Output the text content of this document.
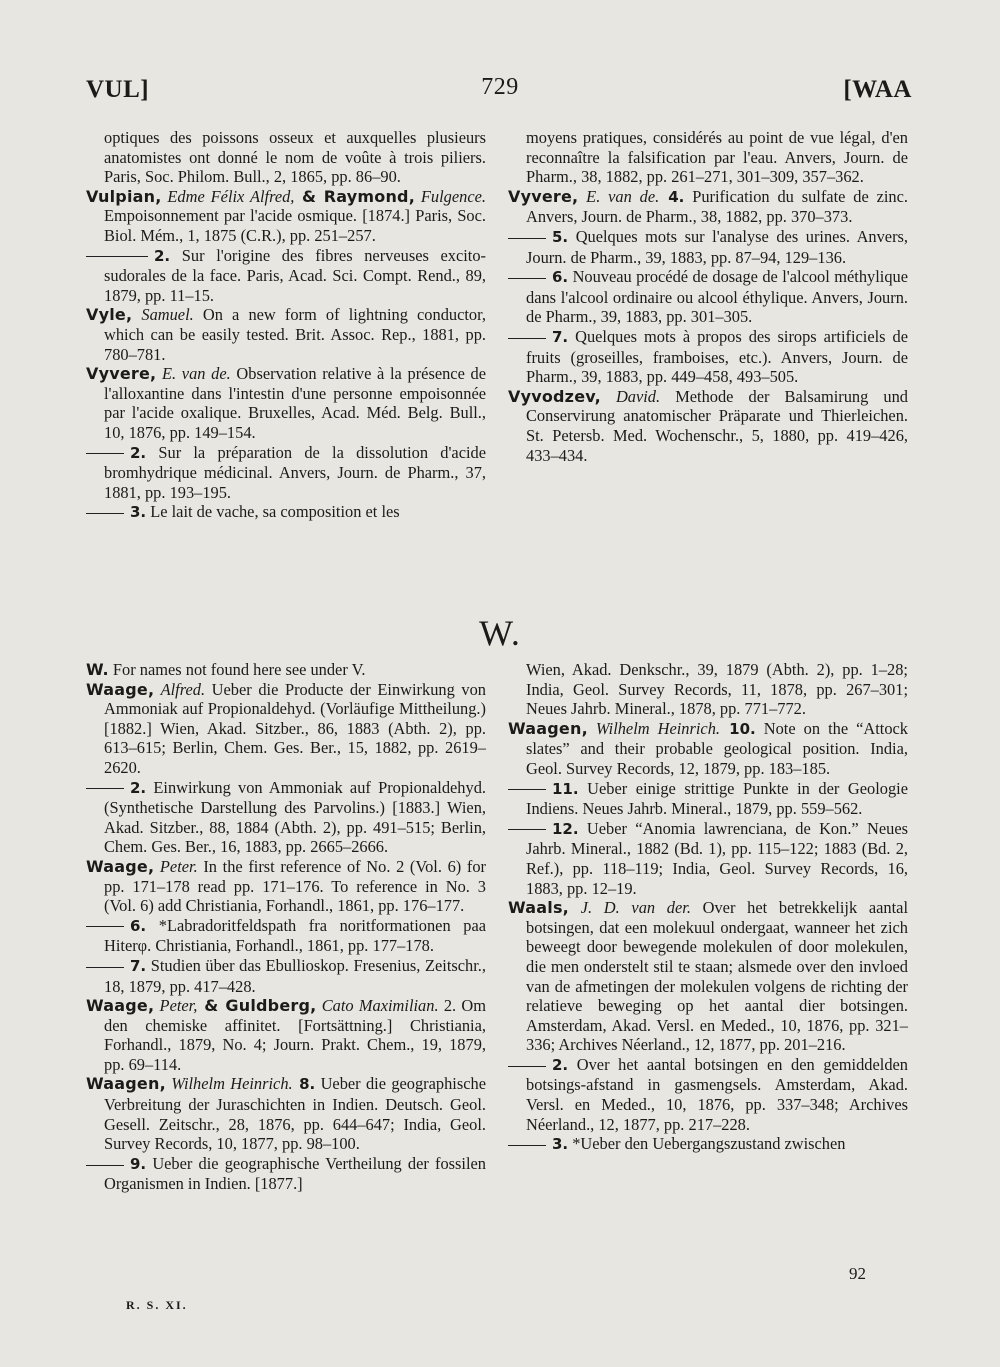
VUL]	729	[WAA

optiques des poissons osseux et auxquelles plusieurs anatomistes ont donné le nom de voûte à trois piliers. Paris, Soc. Philom. Bull., 2, 1865, pp. 86–90.

Vulpian, Edme Félix Alfred, & Raymond, Fulgence. Empoisonnement par l'acide osmique. [1874.] Paris, Soc. Biol. Mém., 1, 1875 (C.R.), pp. 251–257.

2. Sur l'origine des fibres nerveuses excito-sudorales de la face. Paris, Acad. Sci. Compt. Rend., 89, 1879, pp. 11–15.

Vyle, Samuel. On a new form of lightning conductor, which can be easily tested. Brit. Assoc. Rep., 1881, pp. 780–781.

Vyvere, E. van de. Observation relative à la présence de l'alloxantine dans l'intestin d'une personne empoisonnée par l'acide oxalique. Bruxelles, Acad. Méd. Belg. Bull., 10, 1876, pp. 149–154.

2. Sur la préparation de la dissolution d'acide bromhydrique médicinal. Anvers, Journ. de Pharm., 37, 1881, pp. 193–195.

3. Le lait de vache, sa composition et les

moyens pratiques, considérés au point de vue légal, d'en reconnaître la falsification par l'eau. Anvers, Journ. de Pharm., 38, 1882, pp. 261–271, 301–309, 357–362.

Vyvere, E. van de. 4. Purification du sulfate de zinc. Anvers, Journ. de Pharm., 38, 1882, pp. 370–373.

5. Quelques mots sur l'analyse des urines. Anvers, Journ. de Pharm., 39, 1883, pp. 87–94, 129–136.

6. Nouveau procédé de dosage de l'alcool méthylique dans l'alcool ordinaire ou alcool éthylique. Anvers, Journ. de Pharm., 39, 1883, pp. 301–305.

7. Quelques mots à propos des sirops artificiels de fruits (groseilles, framboises, etc.). Anvers, Journ. de Pharm., 39, 1883, pp. 449–458, 493–505.

Vyvodzev, David. Methode der Balsamirung und Conservirung anatomischer Präparate und Thierleichen. St. Petersb. Med. Wochenschr., 5, 1880, pp. 419–426, 433–434.

W.

W. For names not found here see under V.

Waage, Alfred. Ueber die Producte der Einwirkung von Ammoniak auf Propionaldehyd. (Vorläufige Mittheilung.) [1882.] Wien, Akad. Sitzber., 86, 1883 (Abth. 2), pp. 613–615; Berlin, Chem. Ges. Ber., 15, 1882, pp. 2619–2620.

2. Einwirkung von Ammoniak auf Propionaldehyd. (Synthetische Darstellung des Parvolins.) [1883.] Wien, Akad. Sitzber., 88, 1884 (Abth. 2), pp. 491–515; Berlin, Chem. Ges. Ber., 16, 1883, pp. 2665–2666.

Waage, Peter. In the first reference of No. 2 (Vol. 6) for pp. 171–178 read pp. 171–176. To reference in No. 3 (Vol. 6) add Christiania, Forhandl., 1861, pp. 176–177.

6. *Labradoritfeldspath fra noritformationen paa Hiterφ. Christiania, Forhandl., 1861, pp. 177–178.

7. Studien über das Ebullioskop. Fresenius, Zeitschr., 18, 1879, pp. 417–428.

Waage, Peter, & Guldberg, Cato Maximilian. 2. Om den chemiske affinitet. [Fortsättning.] Christiania, Forhandl., 1879, No. 4; Journ. Prakt. Chem., 19, 1879, pp. 69–114.

Waagen, Wilhelm Heinrich. 8. Ueber die geographische Verbreitung der Juraschichten in Indien. Deutsch. Geol. Gesell. Zeitschr., 28, 1876, pp. 644–647; India, Geol. Survey Records, 10, 1877, pp. 98–100.

9. Ueber die geographische Vertheilung der fossilen Organismen in Indien. [1877.]

Wien, Akad. Denkschr., 39, 1879 (Abth. 2), pp. 1–28; India, Geol. Survey Records, 11, 1878, pp. 267–301; Neues Jahrb. Mineral., 1878, pp. 771–772.

Waagen, Wilhelm Heinrich. 10. Note on the “Attock slates” and their probable geological position. India, Geol. Survey Records, 12, 1879, pp. 183–185.

11. Ueber einige strittige Punkte in der Geologie Indiens. Neues Jahrb. Mineral., 1879, pp. 559–562.

12. Ueber “Anomia lawrenciana, de Kon.” Neues Jahrb. Mineral., 1882 (Bd. 1), pp. 115–122; 1883 (Bd. 2, Ref.), pp. 118–119; India, Geol. Survey Records, 16, 1883, pp. 12–19.

Waals, J. D. van der. Over het betrekkelijk aantal botsingen, dat een molekuul ondergaat, wanneer het zich beweegt door bewegende molekulen of door molekulen, die men onderstelt stil te staan; alsmede over den invloed van de afmetingen der molekulen volgens de richting der relatieve beweging op het aantal dier botsingen. Amsterdam, Akad. Versl. en Meded., 10, 1876, pp. 321–336; Archives Néerland., 12, 1877, pp. 201–216.

2. Over het aantal botsingen en den gemiddelden botsings-afstand in gasmengsels. Amsterdam, Akad. Versl. en Meded., 10, 1876, pp. 337–348; Archives Néerland., 12, 1877, pp. 217–228.

3. *Ueber den Uebergangszustand zwischen

R. S. XI.
92
